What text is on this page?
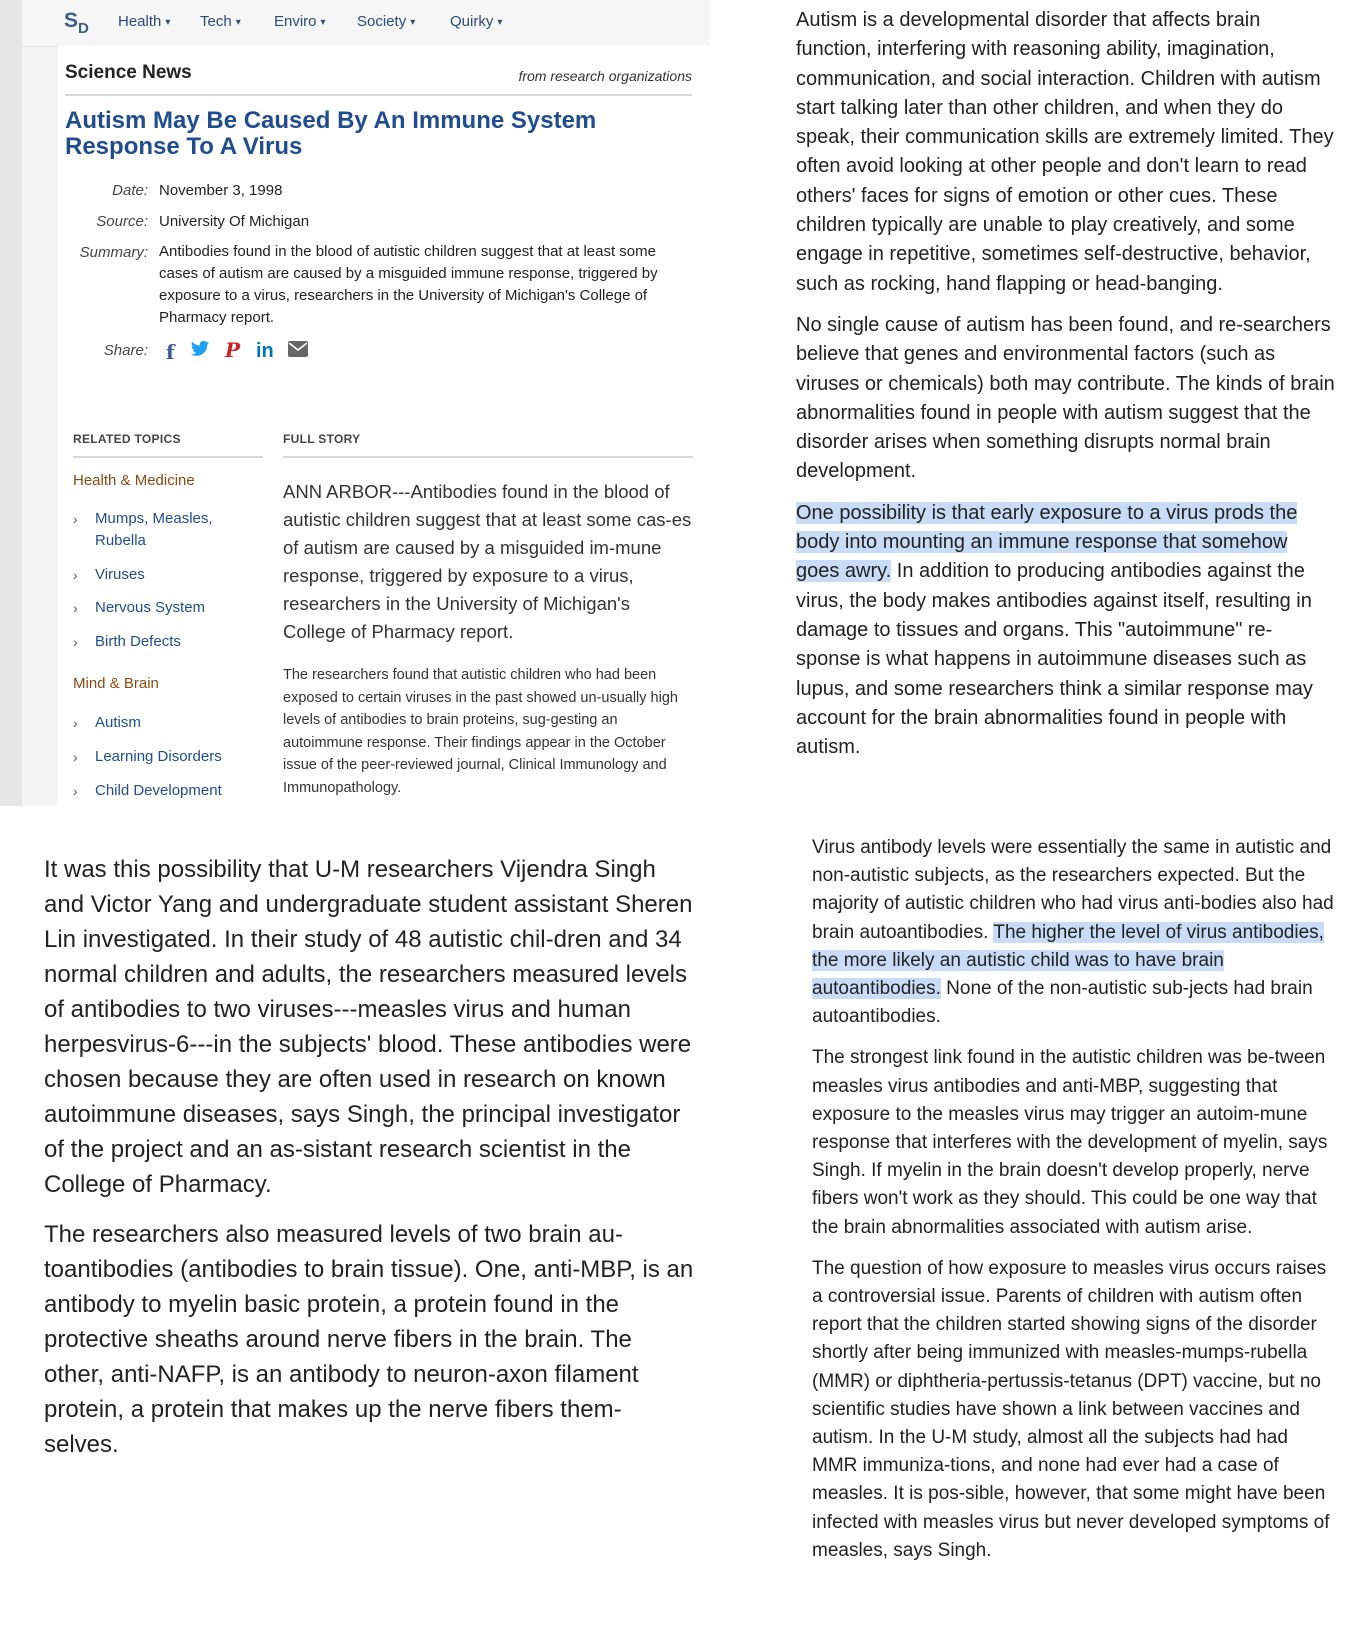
$S_D$ Health ▾ Tech ▾ Enviro ▾ Society ▾ Quirky ▾
Science News	from research organizations
Autism May Be Caused By An Immune System Response To A Virus
Date: November 3, 1998
Source: University Of Michigan
Summary: Antibodies found in the blood of autistic children suggest that at least some cases of autism are caused by a misguided immune response, triggered by exposure to a virus, researchers in the University of Michigan's College of Pharmacy report.
Share: f	P in
RELATED TOPICS	FULL STORY
Health & Medicine
› Mumps, Measles, Rubella
› Viruses
› Nervous System
› Birth Defects
Mind & Brain
› Autism
› Learning Disorders
› Child Development
ANN ARBOR---Antibodies found in the blood of autistic children suggest that at least some cas-es of autism are caused by a misguided im-mune response, triggered by exposure to a virus, researchers in the University of Michigan's College of Pharmacy report.
The researchers found that autistic children who had been exposed to certain viruses in the past showed un-usually high levels of antibodies to brain proteins, sug-gesting an autoimmune response. Their findings appear in the October issue of the peer-reviewed journal, Clinical Immunology and Immunopathology.

Autism is a developmental disorder that affects brain function, interfering with reasoning ability, imagination, communication, and social interaction. Children with autism start talking later than other children, and when they do speak, their communication skills are extremely limited. They often avoid looking at other people and don't learn to read others' faces for signs of emotion or other cues. These children typically are unable to play creatively, and some engage in repetitive, sometimes self-destructive, behavior, such as rocking, hand flapping or head-banging.

No single cause of autism has been found, and re-searchers believe that genes and environmental factors (such as viruses or chemicals) both may contribute. The kinds of brain abnormalities found in people with autism suggest that the disorder arises when something disrupts normal brain development.

One possibility is that early exposure to a virus prods the body into mounting an immune response that somehow goes awry. In addition to producing antibodies against the virus, the body makes antibodies against itself, resulting in damage to tissues and organs. This "autoimmune" re-sponse is what happens in autoimmune diseases such as lupus, and some researchers think a similar response may account for the brain abnormalities found in people with autism.

It was this possibility that U-M researchers Vijendra Singh and Victor Yang and undergraduate student assistant Sheren Lin investigated. In their study of 48 autistic chil-dren and 34 normal children and adults, the researchers measured levels of antibodies to two viruses---measles virus and human herpesvirus-6---in the subjects' blood. These antibodies were chosen because they are often used in research on known autoimmune diseases, says Singh, the principal investigator of the project and an as-sistant research scientist in the College of Pharmacy.

The researchers also measured levels of two brain au-toantibodies (antibodies to brain tissue). One, anti-MBP, is an antibody to myelin basic protein, a protein found in the protective sheaths around nerve fibers in the brain. The other, anti-NAFP, is an antibody to neuron-axon filament protein, a protein that makes up the nerve fibers them-selves.

Virus antibody levels were essentially the same in autistic and non-autistic subjects, as the researchers expected. But the majority of autistic children who had virus anti-bodies also had brain autoantibodies. The higher the level of virus antibodies, the more likely an autistic child was to have brain autoantibodies. None of the non-autistic sub-jects had brain autoantibodies.

The strongest link found in the autistic children was be-tween measles virus antibodies and anti-MBP, suggesting that exposure to the measles virus may trigger an autoim-mune response that interferes with the development of myelin, says Singh. If myelin in the brain doesn't develop properly, nerve fibers won't work as they should. This could be one way that the brain abnormalities associated with autism arise.

The question of how exposure to measles virus occurs raises a controversial issue. Parents of children with autism often report that the children started showing signs of the disorder shortly after being immunized with measles-mumps-rubella (MMR) or diphtheria-pertussis-tetanus (DPT) vaccine, but no scientific studies have shown a link between vaccines and autism. In the U-M study, almost all the subjects had had MMR immuniza-tions, and none had ever had a case of measles. It is pos-sible, however, that some might have been infected with measles virus but never developed symptoms of measles, says Singh.
